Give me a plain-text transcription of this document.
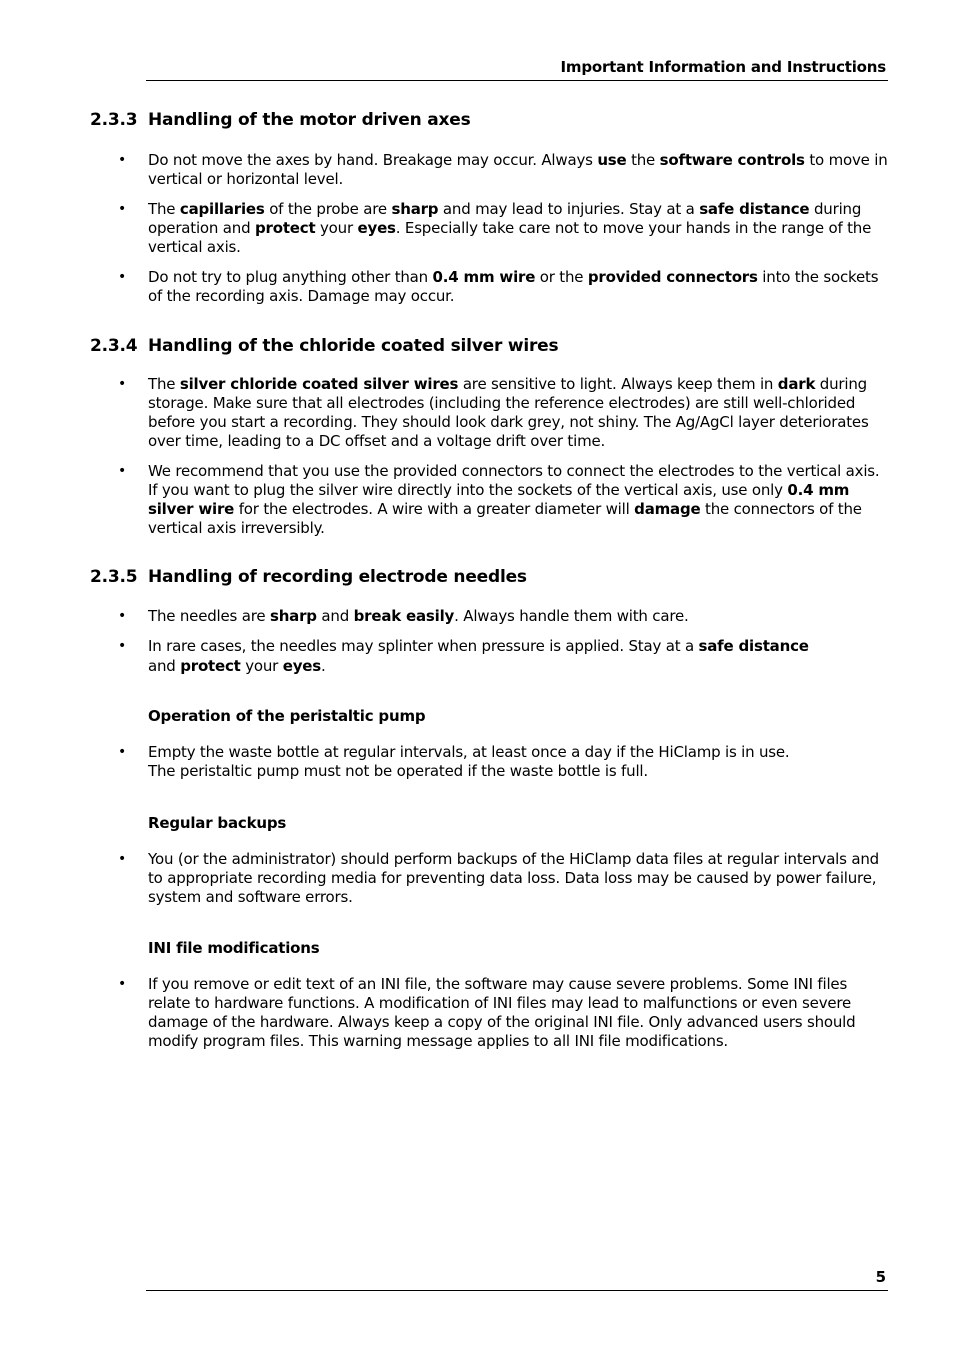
Important Information and Instructions
2.3.3 Handling of the motor driven axes
• Do not move the axes by hand. Breakage may occur. Always use the software controls to move in vertical or horizontal level.
• The capillaries of the probe are sharp and may lead to injuries. Stay at a safe distance during operation and protect your eyes. Especially take care not to move your hands in the range of the vertical axis.
• Do not try to plug anything other than 0.4 mm wire or the provided connectors into the sockets of the recording axis. Damage may occur.
2.3.4 Handling of the chloride coated silver wires
• The silver chloride coated silver wires are sensitive to light. Always keep them in dark during storage. Make sure that all electrodes (including the reference electrodes) are still well-chlorided before you start a recording. They should look dark grey, not shiny. The Ag/AgCl layer deteriorates over time, leading to a DC offset and a voltage drift over time.
• We recommend that you use the provided connectors to connect the electrodes to the vertical axis. If you want to plug the silver wire directly into the sockets of the vertical axis, use only 0.4 mm silver wire for the electrodes. A wire with a greater diameter will damage the connectors of the vertical axis irreversibly.
2.3.5 Handling of recording electrode needles
• The needles are sharp and break easily. Always handle them with care.
• In rare cases, the needles may splinter when pressure is applied. Stay at a safe distance
and protect your eyes.
Operation of the peristaltic pump
• Empty the waste bottle at regular intervals, at least once a day if the HiClamp is in use.
The peristaltic pump must not be operated if the waste bottle is full.
Regular backups
• You (or the administrator) should perform backups of the HiClamp data files at regular intervals and to appropriate recording media for preventing data loss. Data loss may be caused by power failure, system and software errors.
INI file modifications
• If you remove or edit text of an INI file, the software may cause severe problems. Some INI files relate to hardware functions. A modification of INI files may lead to malfunctions or even severe damage of the hardware. Always keep a copy of the original INI file. Only advanced users should modify program files. This warning message applies to all INI file modifications.
5
